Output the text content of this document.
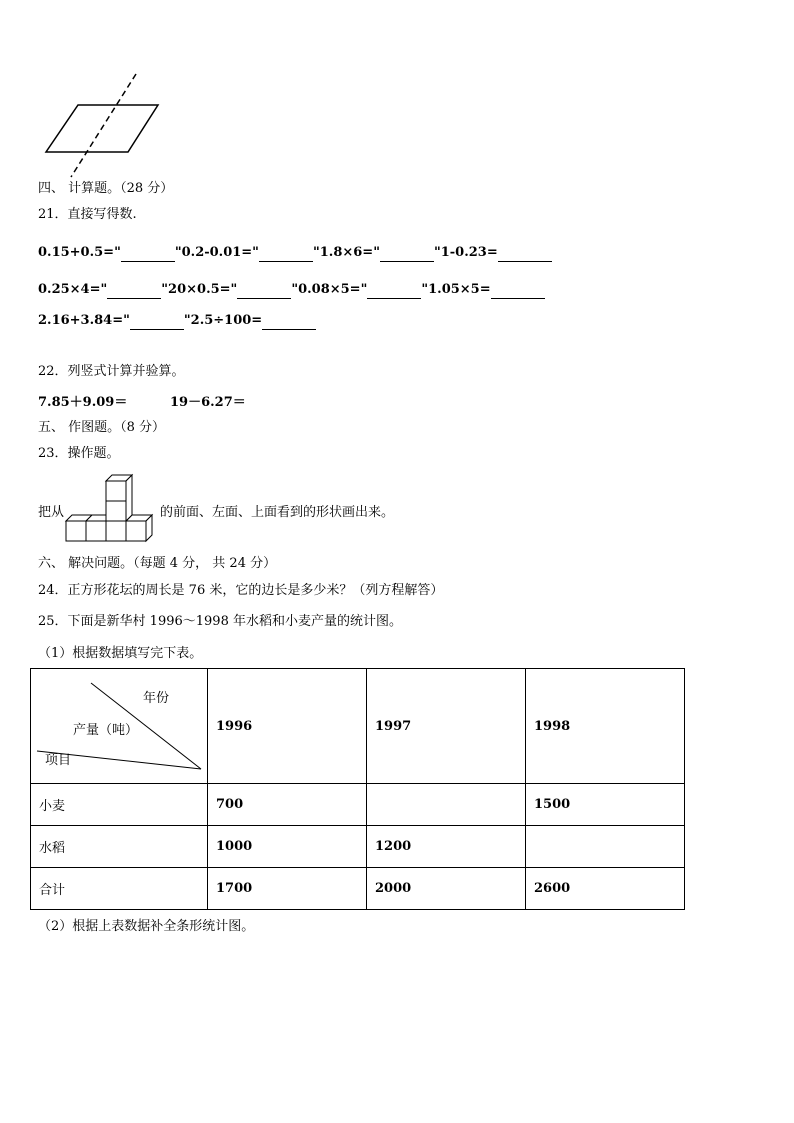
四、 计算题。（28 分）
21．直接写得数.
0.15+0.5="	"0.2-0.01="	"1.8×6="	"1-0.23=
0.25×4="	"20×0.5="	"0.08×5="	"1.05×5=
2.16+3.84="	"2.5÷100=
22．列竖式计算并验算。
7.85＋9.09＝	19－6.27＝
五、 作图题。（8 分）
23．操作题。
把从	的前面、左面、上面看到的形状画出来。
六、 解决问题。（每题 4 分， 共 24 分）
24．正方形花坛的周长是 76 米，它的边长是多少米？（列方程解答）
25．下面是新华村 1996～1998 年水稻和小麦产量的统计图。
（1）根据数据填写完下表。
年份
产量（吨）
项目	1996	1997	1998
小麦	700		1500
水稻	1000	1200	
合计	1700	2000	2600
（2）根据上表数据补全条形统计图。
